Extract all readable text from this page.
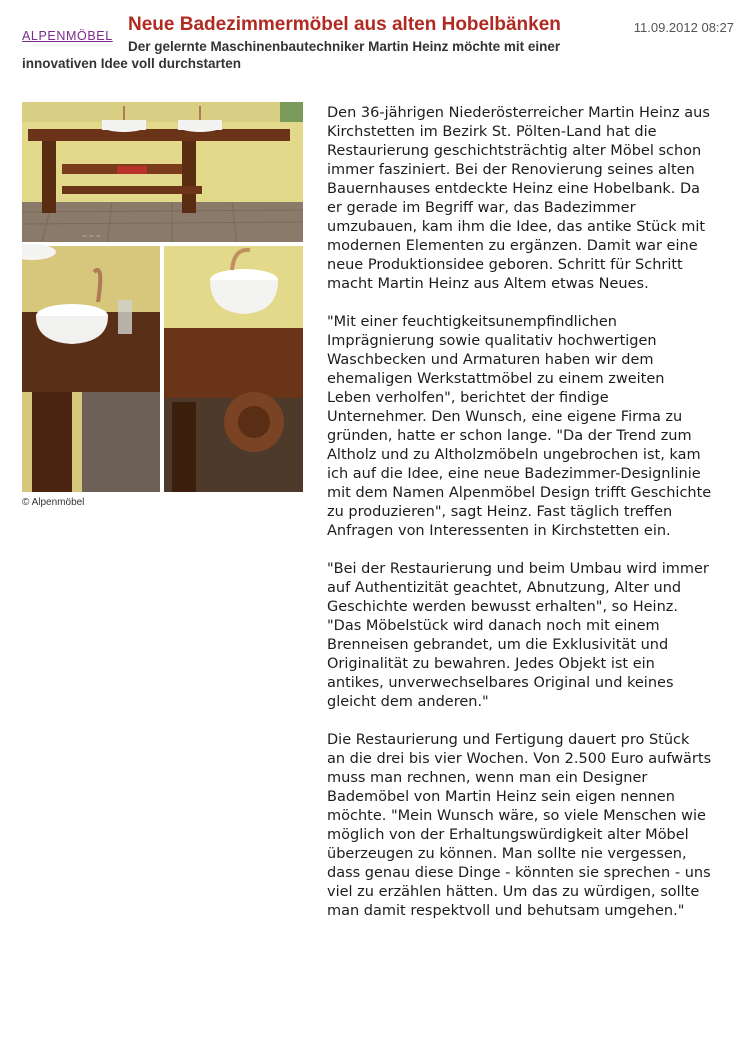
ALPENMÖBEL
Neue Badezimmermöbel aus alten Hobelbänken	11.09.2012 08:27

Der gelernte Maschinenbautechniker Martin Heinz möchte mit einer innovativen Idee voll durchstarten

~ ~ ~
© Alpenmöbel

Den 36-jährigen Niederösterreicher Martin Heinz aus Kirchstetten im Bezirk St. Pölten-Land hat die Restaurierung geschichtsträchtig alter Möbel schon immer fasziniert. Bei der Renovierung seines alten Bauernhauses entdeckte Heinz eine Hobelbank. Da er gerade im Begriff war, das Badezimmer umzubauen, kam ihm die Idee, das antike Stück mit modernen Elementen zu ergänzen. Damit war eine neue Produktionsidee geboren. Schritt für Schritt macht Martin Heinz aus Altem etwas Neues.

"Mit einer feuchtigkeitsunempfindlichen Imprägnierung sowie qualitativ hochwertigen Waschbecken und Armaturen haben wir dem ehemaligen Werkstattmöbel zu einem zweiten Leben verholfen", berichtet der findige Unternehmer. Den Wunsch, eine eigene Firma zu gründen, hatte er schon lange. "Da der Trend zum Altholz und zu Altholzmöbeln ungebrochen ist, kam ich auf die Idee, eine neue Badezimmer-Designlinie mit dem Namen Alpenmöbel Design trifft Geschichte zu produzieren", sagt Heinz. Fast täglich treffen Anfragen von Interessenten in Kirchstetten ein.

"Bei der Restaurierung und beim Umbau wird immer auf Authentizität geachtet, Abnutzung, Alter und Geschichte werden bewusst erhalten", so Heinz. "Das Möbelstück wird danach noch mit einem Brenneisen gebrandet, um die Exklusivität und Originalität zu bewahren. Jedes Objekt ist ein antikes, unverwechselbares Original und keines gleicht dem anderen."

Die Restaurierung und Fertigung dauert pro Stück an die drei bis vier Wochen. Von 2.500 Euro aufwärts muss man rechnen, wenn man ein Designer Bademöbel von Martin Heinz sein eigen nennen möchte. "Mein Wunsch wäre, so viele Menschen wie möglich von der Erhaltungswürdigkeit alter Möbel überzeugen zu können. Man sollte nie vergessen, dass genau diese Dinge - könnten sie sprechen - uns viel zu erzählen hätten. Um das zu würdigen, sollte man damit respektvoll und behutsam umgehen."
